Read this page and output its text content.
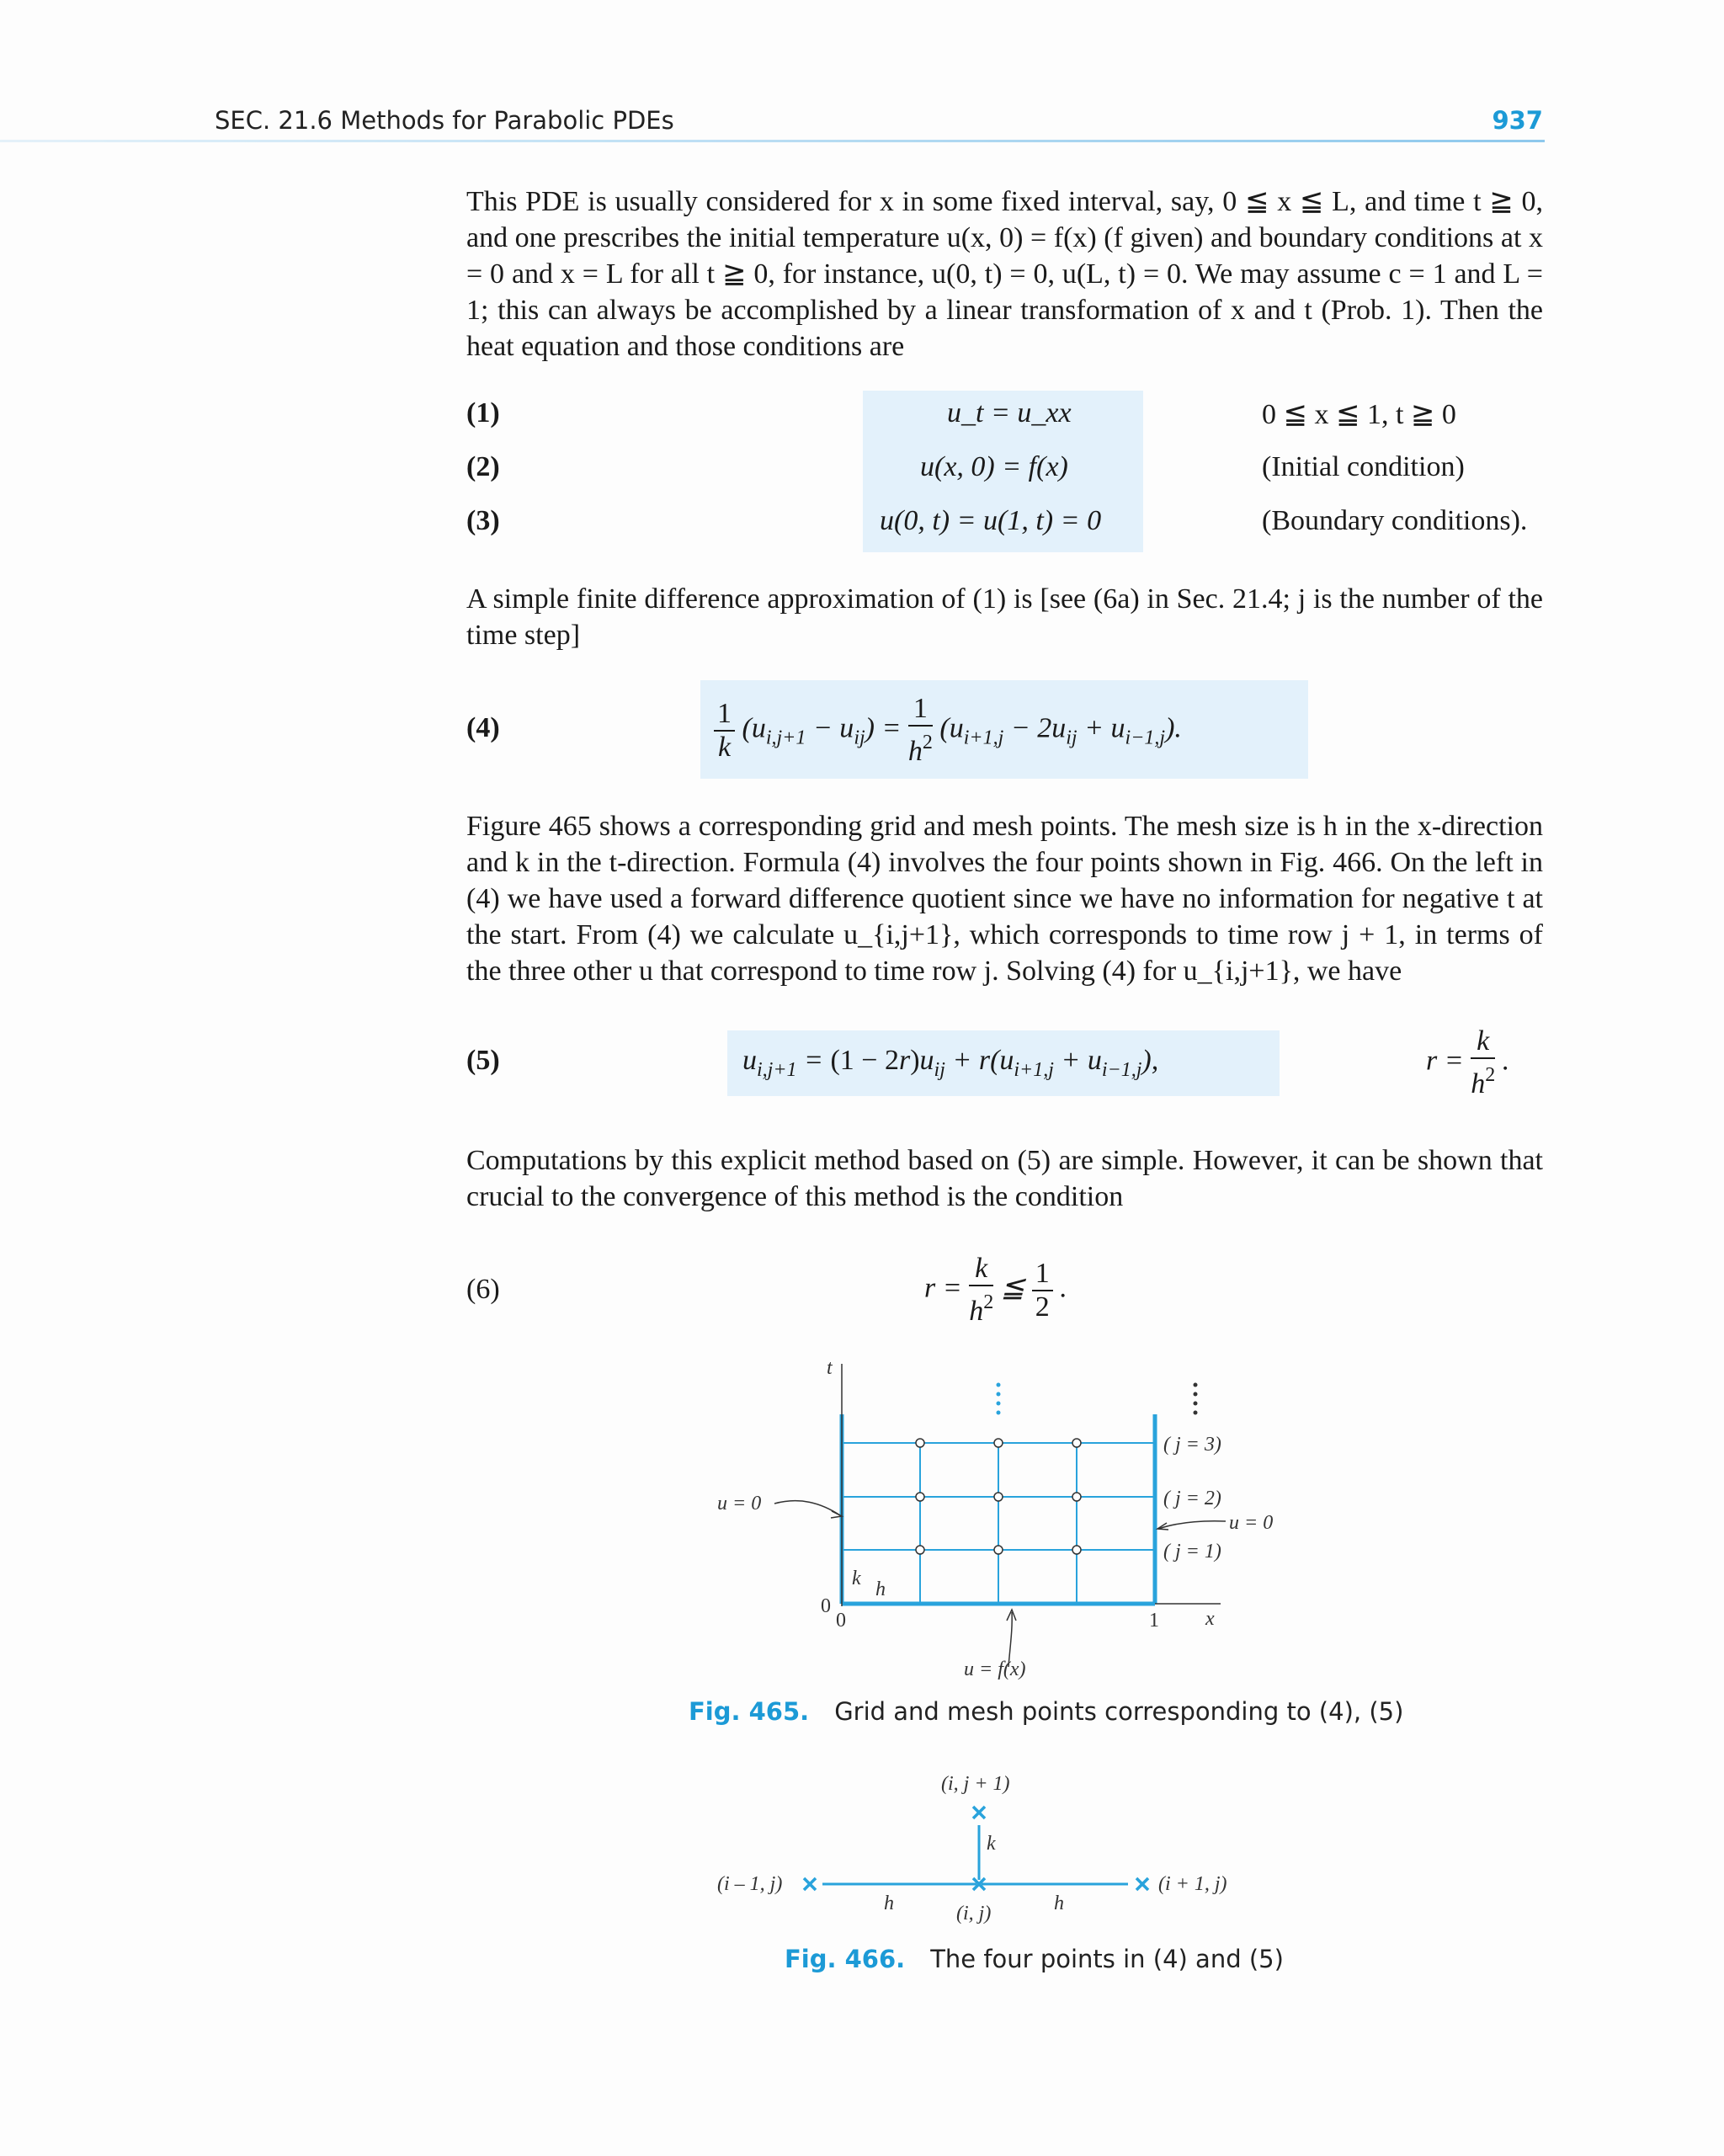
SEC. 21.6 Methods for Parabolic PDEs	937

This PDE is usually considered for x in some fixed interval, say, 0 ≦ x ≦ L, and time t ≧ 0, and one prescribes the initial temperature u(x, 0) = f(x) (f given) and boundary conditions at x = 0 and x = L for all t ≧ 0, for instance, u(0, t) = 0, u(L, t) = 0. We may assume c = 1 and L = 1; this can always be accomplished by a linear transformation of x and t (Prob. 1). Then the heat equation and those conditions are

(1)	u_t = u_xx	0 ≦ x ≦ 1, t ≧ 0
(2)	u(x, 0) = f(x)	(Initial condition)
(3)	u(0, t) = u(1, t) = 0	(Boundary conditions).

A simple finite difference approximation of (1) is [see (6a) in Sec. 21.4; j is the number of the time step]

(4)	$\frac{1}{k} (u_{i,j+1} - u_{ij}) = \frac{1}{h^2} (u_{i+1,j} - 2u_{ij} + u_{i-1,j})$.

Figure 465 shows a corresponding grid and mesh points. The mesh size is h in the x-direction and k in the t-direction. Formula (4) involves the four points shown in Fig. 466. On the left in (4) we have used a forward difference quotient since we have no information for negative t at the start. From (4) we calculate u_{i,j+1}, which corresponds to time row j + 1, in terms of the three other u that correspond to time row j. Solving (4) for u_{i,j+1}, we have

(5)	$u_{i,j+1} = (1 - 2r)u_{ij} + r(u_{i+1,j} + u_{i-1,j})$,	$r = \frac{k}{h^2}$ .

Computations by this explicit method based on (5) are simple. However, it can be shown that crucial to the convergence of this method is the condition

(6)	$r = \frac{k}{h^2}$ ≦ $\frac{1}{2}$ .
t
x
0
0	1
k h
u = 0
u = 0
u = f(x)
( j = 3)
( j = 2)
( j = 1)
Fig. 465. Grid and mesh points corresponding to (4), (5)
(i, j + 1)
(i – 1, j)	(i + 1, j)
(i, j)
h	h
k
Fig. 466. The four points in (4) and (5)
